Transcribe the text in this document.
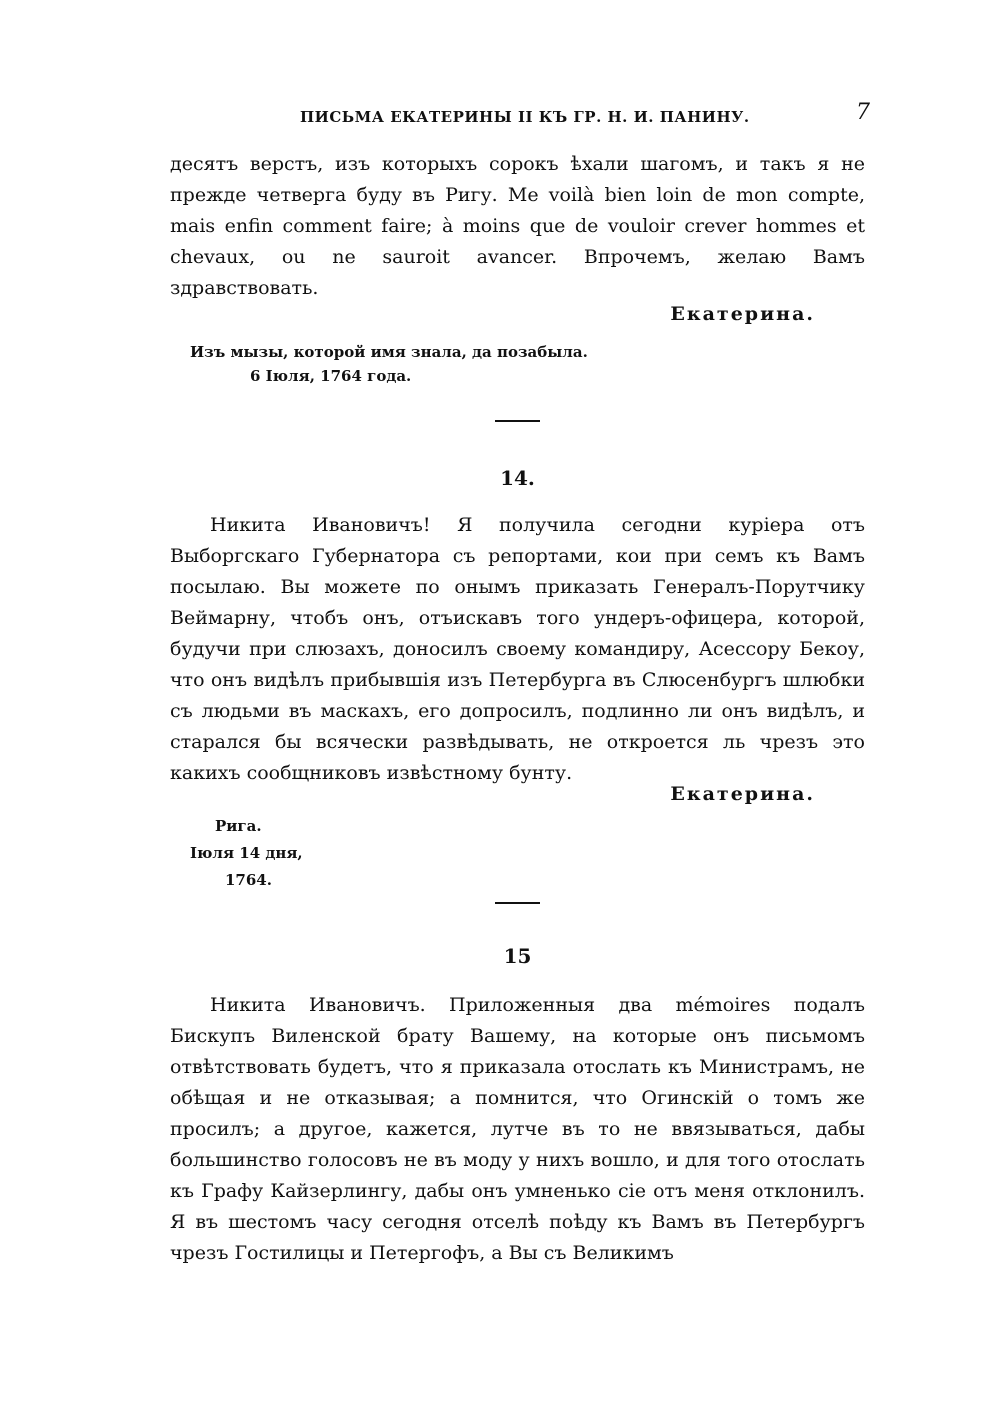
ПИСЬМА ЕКАТЕРИНЫ II КЪ ГР. Н. И. ПАНИНУ.	7

десятъ верстъ, изъ которыхъ сорокъ ѣхали шагомъ, и такъ я не прежде четверга буду въ Ригу. Me voilà bien loin de mon compte, mais enfin comment faire; à moins que de vouloir crever hommes et chevaux, ou ne sauroit avancer. Впрочемъ, желаю Вамъ здравствовать.

Екатерина.
Изъ мызы, которой имя знала, да позабыла.
6 Іюля, 1764 года.
14.

Никита Ивановичъ! Я получила сегодни куріера отъ Выборгскаго Губернатора съ репортами, кои при семъ къ Вамъ посылаю. Вы можете по онымъ приказать Генералъ-Порутчику Веймарну, чтобъ онъ, отъискавъ того ундеръ-офицера, которой, будучи при слюзахъ, доносилъ своему командиру, Асессору Бекоу, что онъ видѣлъ прибывшія изъ Петербурга въ Слюсенбургъ шлюбки съ людьми въ маскахъ, его допросилъ, подлинно ли онъ видѣлъ, и старался бы всячески развѣдывать, не откроется ль чрезъ это какихъ сообщниковъ извѣстному бунту.

Екатерина.
Рига.
Іюля 14 дня,
1764.
15

Никита Ивановичъ. Приложенныя два mémoires подалъ Бискупъ Виленской брату Вашему, на которые онъ письмомъ отвѣтствовать будетъ, что я приказала отослать къ Министрамъ, не обѣщая и не отказывая; а помнится, что Огинскій о томъ же просилъ; а другое, кажется, лутче въ то не ввязываться, дабы большинство голосовъ не въ моду у нихъ вошло, и для того отослать къ Графу Кайзерлингу, дабы онъ умненько сіе отъ меня отклонилъ. Я въ шестомъ часу сегодня отселѣ поѣду къ Вамъ въ Петербургъ чрезъ Гостилицы и Петергофъ, а Вы съ Великимъ
